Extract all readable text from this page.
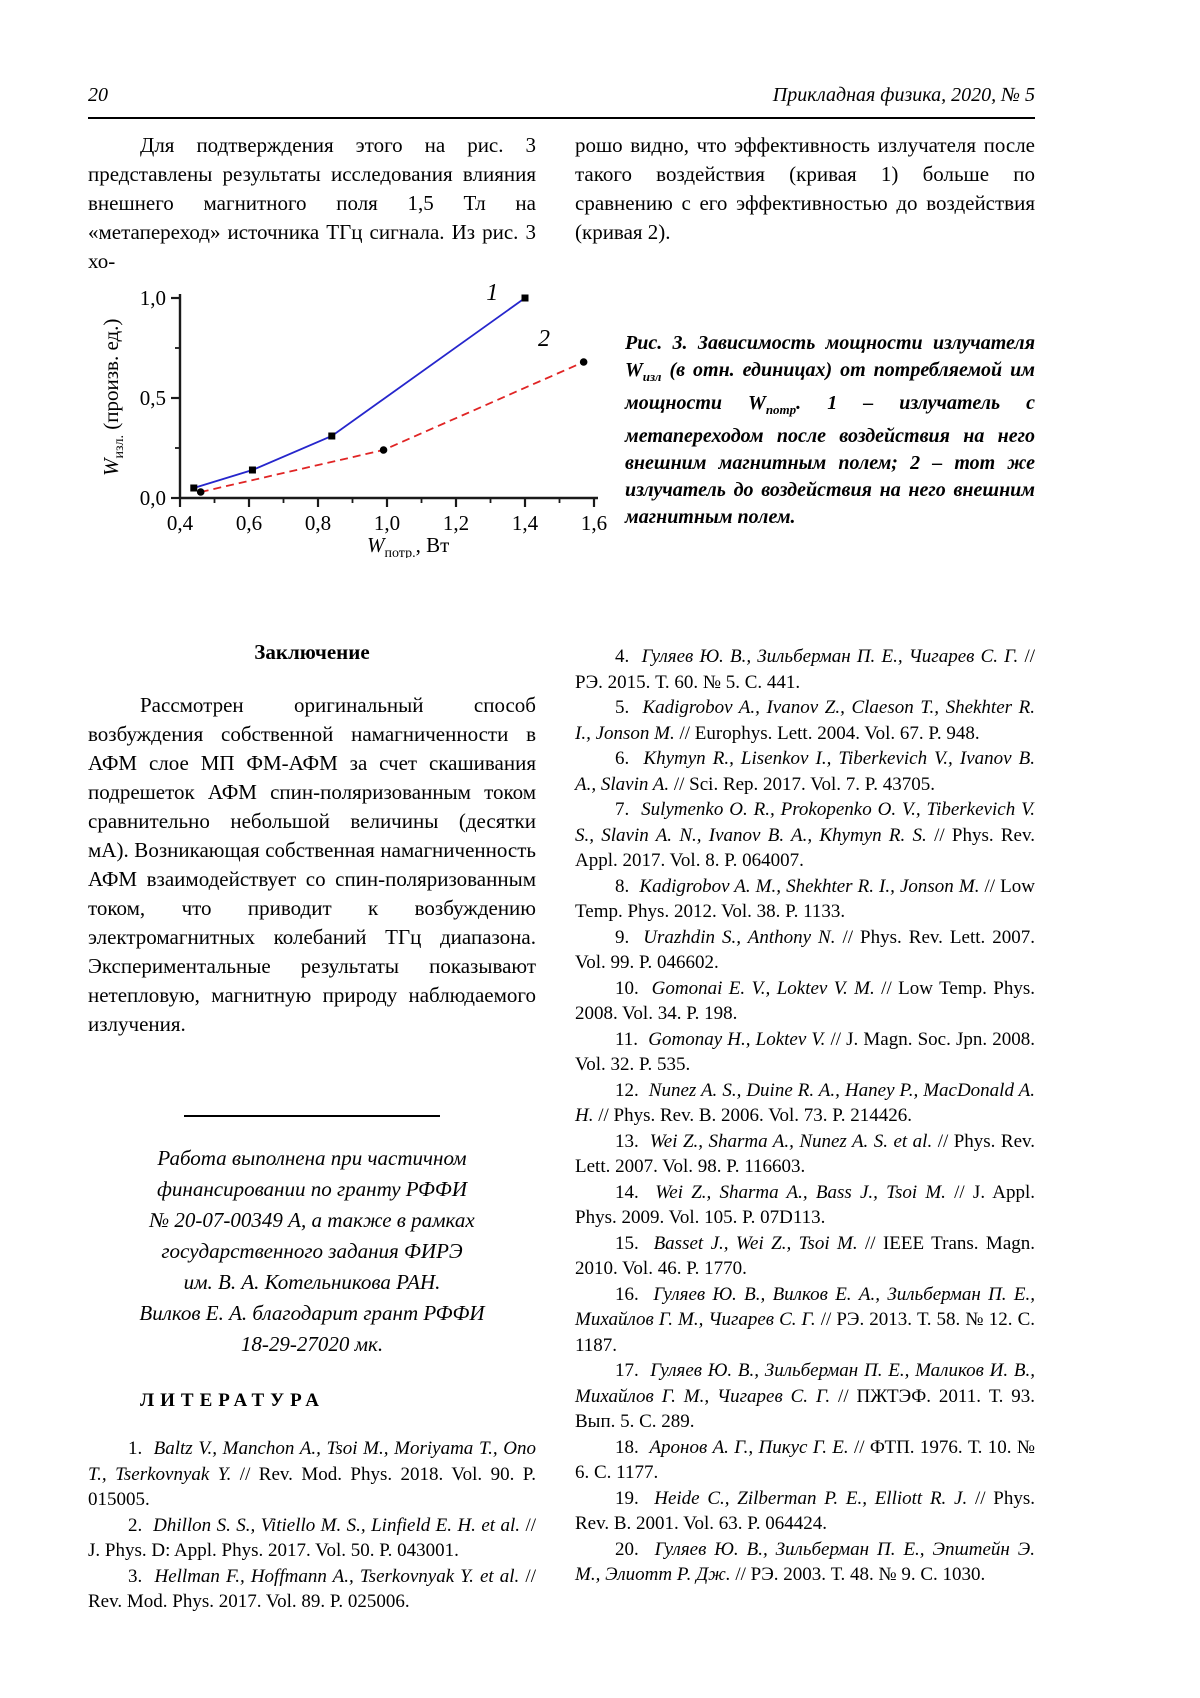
20	Прикладная физика, 2020, № 5

Для подтверждения этого на рис. 3 представлены результаты исследования влияния внешнего магнитного поля 1,5 Тл на «метапереход» источника ТГц сигнала. Из рис. 3 хо-

рошо видно, что эффективность излучателя после такого воздействия (кривая 1) больше по сравнению с его эффективностью до воздействия (кривая 2).

0,0
0,5
1,0
0,4 0,6 0,8 1,0 1,2 1,4 1,6
$W_{потр.}$, Вт
$W_{изл.}$ (произв. ед.)
1
2	Рис. 3. Зависимость мощности излучателя $W_{изл}$ (в отн. единицах) от потребляемой им мощности $W_{потр}$. 1 – излучатель с метапереходом после воздействия на него внешним магнитным полем; 2 – тот же излучатель до воздействия на него внешним магнитным полем.
Заключение

Рассмотрен оригинальный способ возбуждения собственной намагниченности в АФМ слое МП ФМ-АФМ за счет скашивания подрешеток АФМ спин-поляризованным током сравнительно небольшой величины (десятки мА). Возникающая собственная намагниченность АФМ взаимодействует со спин-поляризованным током, что приводит к возбуждению электромагнитных колебаний ТГц диапазона. Экспериментальные результаты показывают нетепловую, магнитную природу наблюдаемого излучения.

Работа выполнена при частичном
финансировании по гранту РФФИ
№ 20-07-00349 А, а также в рамках
государственного задания ФИРЭ
им. В. А. Котельникова РАН.
Вилков Е. А. благодарит грант РФФИ
18-29-27020 мк.
ЛИТЕРАТУРА

1.  Baltz V., Manchon A., Tsoi M., Moriyama T., Ono T., Tserkovnyak Y. // Rev. Mod. Phys. 2018. Vol. 90. P. 015005.

2.  Dhillon S. S., Vitiello M. S., Linfield E. H. et al. // J. Phys. D: Appl. Phys. 2017. Vol. 50. P. 043001.

3.  Hellman F., Hoffmann A., Tserkovnyak Y. et al. // Rev. Mod. Phys. 2017. Vol. 89. P. 025006.

4.  Гуляев Ю. В., Зильберман П. Е., Чигарев С. Г. // РЭ. 2015. Т. 60. № 5. С. 441.

5.  Kadigrobov A., Ivanov Z., Claeson T., Shekhter R. I., Jonson M. // Europhys. Lett. 2004. Vol. 67. P. 948.

6.  Khymyn R., Lisenkov I., Tiberkevich V., Ivanov B. A., Slavin A. // Sci. Rep. 2017. Vol. 7. P. 43705.

7.  Sulymenko O. R., Prokopenko O. V., Tiberkevich V. S., Slavin A. N., Ivanov B. A., Khymyn R. S. // Phys. Rev. Appl. 2017. Vol. 8. P. 064007.

8.  Kadigrobov A. M., Shekhter R. I., Jonson M. // Low Temp. Phys. 2012. Vol. 38. P. 1133.

9.  Urazhdin S., Anthony N. // Phys. Rev. Lett. 2007. Vol. 99. P. 046602.

10.  Gomonai E. V., Loktev V. M. // Low Temp. Phys. 2008. Vol. 34. P. 198.

11.  Gomonay H., Loktev V. // J. Magn. Soc. Jpn. 2008. Vol. 32. P. 535.

12.  Nunez A. S., Duine R. A., Haney P., MacDonald A. H. // Phys. Rev. B. 2006. Vol. 73. P. 214426.

13.  Wei Z., Sharma A., Nunez A. S. et al. // Phys. Rev. Lett. 2007. Vol. 98. P. 116603.

14.  Wei Z., Sharma A., Bass J., Tsoi M. // J. Appl. Phys. 2009. Vol. 105. P. 07D113.

15.  Basset J., Wei Z., Tsoi M. // IEEE Trans. Magn. 2010. Vol. 46. P. 1770.

16.  Гуляев Ю. В., Вилков Е. А., Зильберман П. Е., Михайлов Г. М., Чигарев С. Г. // РЭ. 2013. Т. 58. № 12. С. 1187.

17.  Гуляев Ю. В., Зильберман П. Е., Маликов И. В., Михайлов Г. М., Чигарев С. Г. // ПЖТЭФ. 2011. Т. 93. Вып. 5. С. 289.

18.  Аронов А. Г., Пикус Г. Е. // ФТП. 1976. Т. 10. № 6. С. 1177.

19.  Heide C., Zilberman P. E., Elliott R. J. // Phys. Rev. B. 2001. Vol. 63. P. 064424.

20.  Гуляев Ю. В., Зильберман П. Е., Эпштейн Э. М., Элиотт Р. Дж. // РЭ. 2003. Т. 48. № 9. С. 1030.
